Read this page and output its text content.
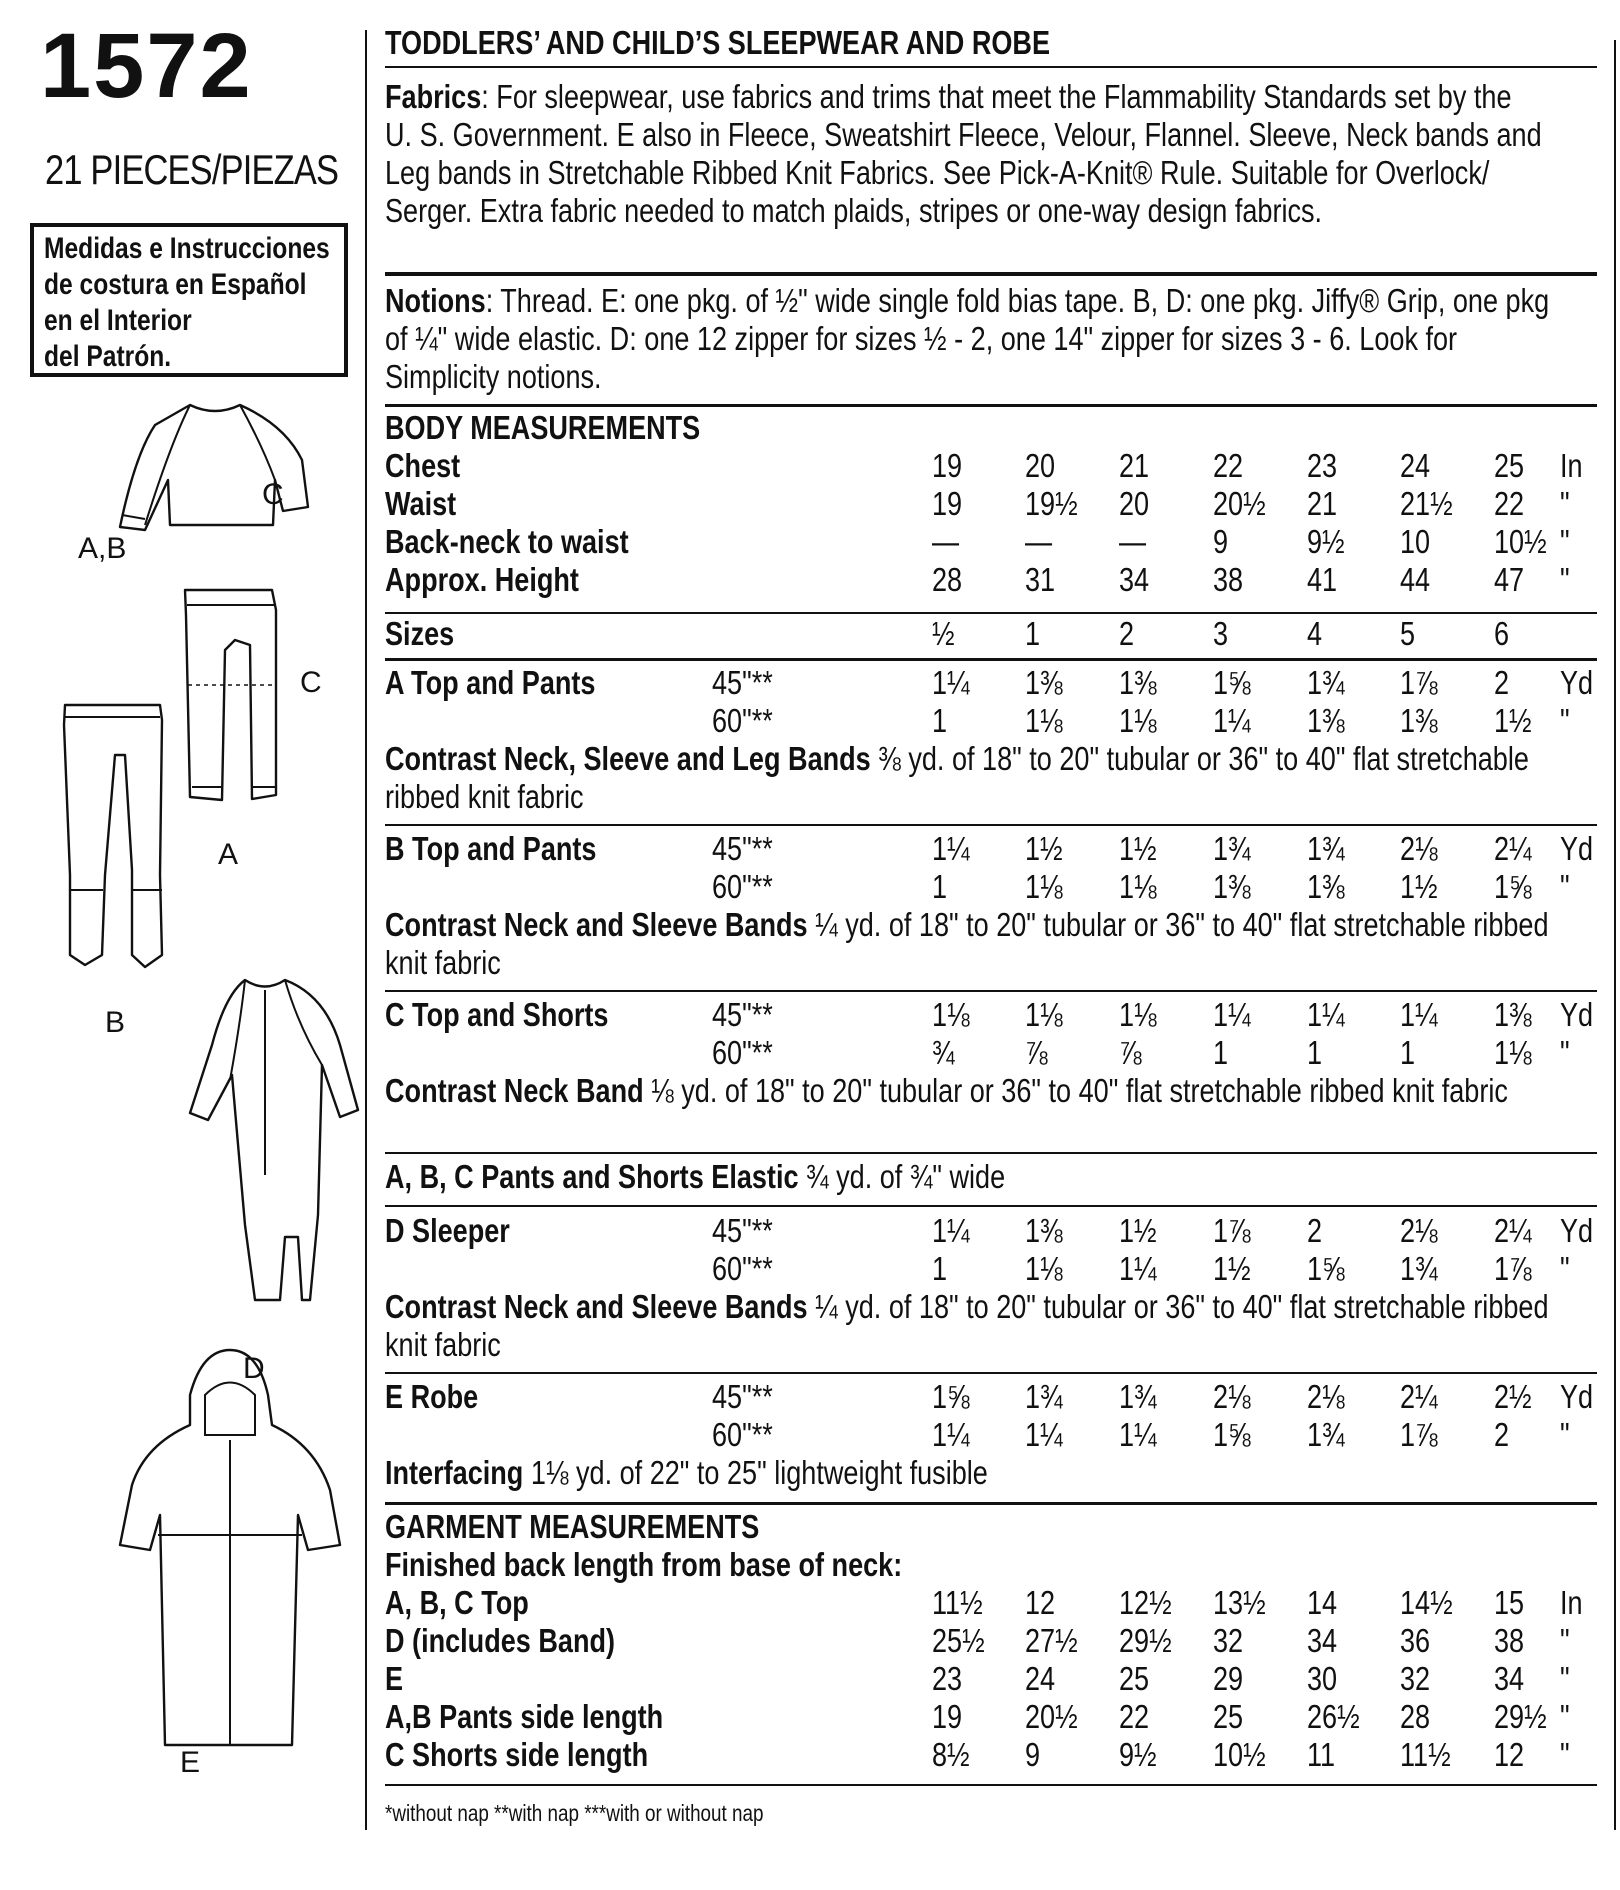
1572
21 PIECES/PIEZAS
Medidas e Instrucciones
de costura en Español
en el Interior
del Patrón.
A,B
C
C
A
B
D
E
TODDLERS’ AND CHILD’S SLEEPWEAR AND ROBE
Fabrics: For sleepwear, use fabrics and trims that meet the Flammability Standards set by the
U. S. Government. E also in Fleece, Sweatshirt Fleece, Velour, Flannel. Sleeve, Neck bands and
Leg bands in Stretchable Ribbed Knit Fabrics. See Pick-A-Knit® Rule. Suitable for Overlock/
Serger. Extra fabric needed to match plaids, stripes or one-way design fabrics.
Notions: Thread. E: one pkg. of ½" wide single fold bias tape. B, D: one pkg. Jiffy® Grip, one pkg
of ¼" wide elastic. D: one 12 zipper for sizes ½ - 2, one 14" zipper for sizes 3 - 6. Look for
Simplicity notions.
BODY MEASUREMENTS
Chest	19 20 21 22 23 24 25 In
Waist	19 19½ 20 20½ 21 21½ 22 "
Back-neck to waist	— — — 9 9½ 10 10½ "
Approx. Height	28 31 34 38 41 44 47 "
Sizes	½ 1 2 3 4 5 6
A Top and Pants	45"**	1¼ 1⅜ 1⅜ 1⅝ 1¾ 1⅞ 2 Yd
60"**	1 1⅛ 1⅛ 1¼ 1⅜ 1⅜ 1½ "
Contrast Neck, Sleeve and Leg Bands ⅜ yd. of 18" to 20" tubular or 36" to 40" flat stretchable
ribbed knit fabric
B Top and Pants	45"**	1¼ 1½ 1½ 1¾ 1¾ 2⅛ 2¼ Yd
60"**	1 1⅛ 1⅛ 1⅜ 1⅜ 1½ 1⅝ "
Contrast Neck and Sleeve Bands ¼ yd. of 18" to 20" tubular or 36" to 40" flat stretchable ribbed
knit fabric
C Top and Shorts	45"**	1⅛ 1⅛ 1⅛ 1¼ 1¼ 1¼ 1⅜ Yd
60"**	¾ ⅞ ⅞ 1 1 1 1⅛ "
Contrast Neck Band ⅛ yd. of 18" to 20" tubular or 36" to 40" flat stretchable ribbed knit fabric
A, B, C Pants and Shorts Elastic ¾ yd. of ¾" wide
D Sleeper	45"**	1¼ 1⅜ 1½ 1⅞ 2 2⅛ 2¼ Yd
60"**	1 1⅛ 1¼ 1½ 1⅝ 1¾ 1⅞ "
Contrast Neck and Sleeve Bands ¼ yd. of 18" to 20" tubular or 36" to 40" flat stretchable ribbed
knit fabric
E Robe	45"**	1⅝ 1¾ 1¾ 2⅛ 2⅛ 2¼ 2½ Yd
60"**	1¼ 1¼ 1¼ 1⅝ 1¾ 1⅞ 2 "
Interfacing 1⅛ yd. of 22" to 25" lightweight fusible
GARMENT MEASUREMENTS
Finished back length from base of neck:
A, B, C Top	11½ 12 12½ 13½ 14 14½ 15 In
D (includes Band)	25½ 27½ 29½ 32 34 36 38 "
E	23 24 25 29 30 32 34 "
A,B Pants side length	19 20½ 22 25 26½ 28 29½ "
C Shorts side length	8½ 9 9½ 10½ 11 11½ 12 "
*without nap **with nap ***with or without nap
